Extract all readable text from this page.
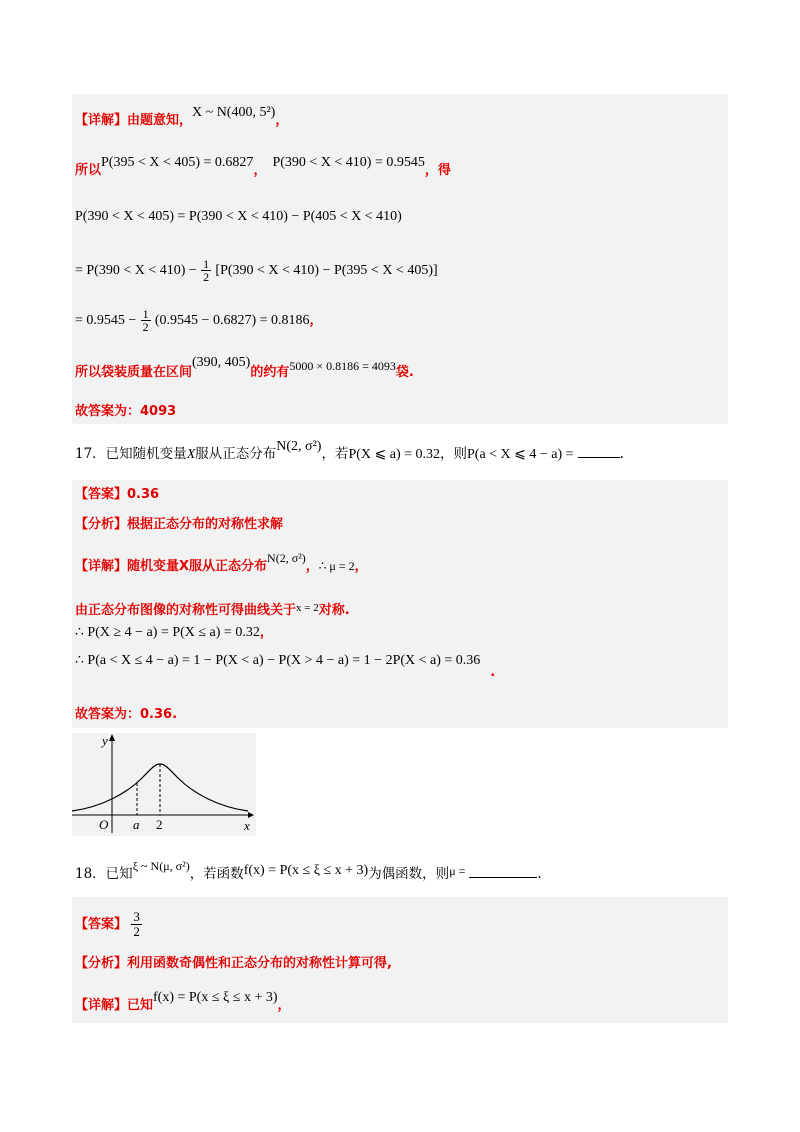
【详解】由题意知，X ~ N(400, 5²)，
所以P(395 < X < 405) = 0.6827，P(390 < X < 410) = 0.9545，得
P(390 < X < 405) = P(390 < X < 410) − P(405 < X < 410)
= $P(390 < X < 410) - \frac{1}{2} [P(390 < X < 410) - P(395 < X < 405)]$
= $0.9545 - \frac{1}{2} (0.9545 - 0.6827) = 0.8186$，
所以袋装质量在区间(390, 405)的约有5000 × 0.8186 = 4093袋.
故答案为：4093
17．已知随机变量X服从正态分布N(2, σ²)，若P(X ⩽ a) = 0.32，则P(a < X ⩽ 4 − a) =	.
【答案】0.36
【分析】根据正态分布的对称性求解
【详解】随机变量X服从正态分布N(2, σ²)，∴ μ = 2，
由正态分布图像的对称性可得曲线关于$^{x = 2}$对称.
∴ P(X ≥ 4 − a) = P(X ≤ a) = 0.32，
∴ P(a < X ≤ 4 − a) = 1 − P(X < a) − P(X > 4 − a) = 1 − 2P(X < a) = 0.36.
故答案为：0.36.
y
x
O a 2
18．已知ξ ~ N(μ, σ²)，若函数f(x) = P(x ≤ ξ ≤ x + 3)为偶函数，则μ =	.
【答案】 $\frac{3}{2}$
【分析】利用函数奇偶性和正态分布的对称性计算可得,
【详解】已知f(x) = P(x ≤ ξ ≤ x + 3)，
